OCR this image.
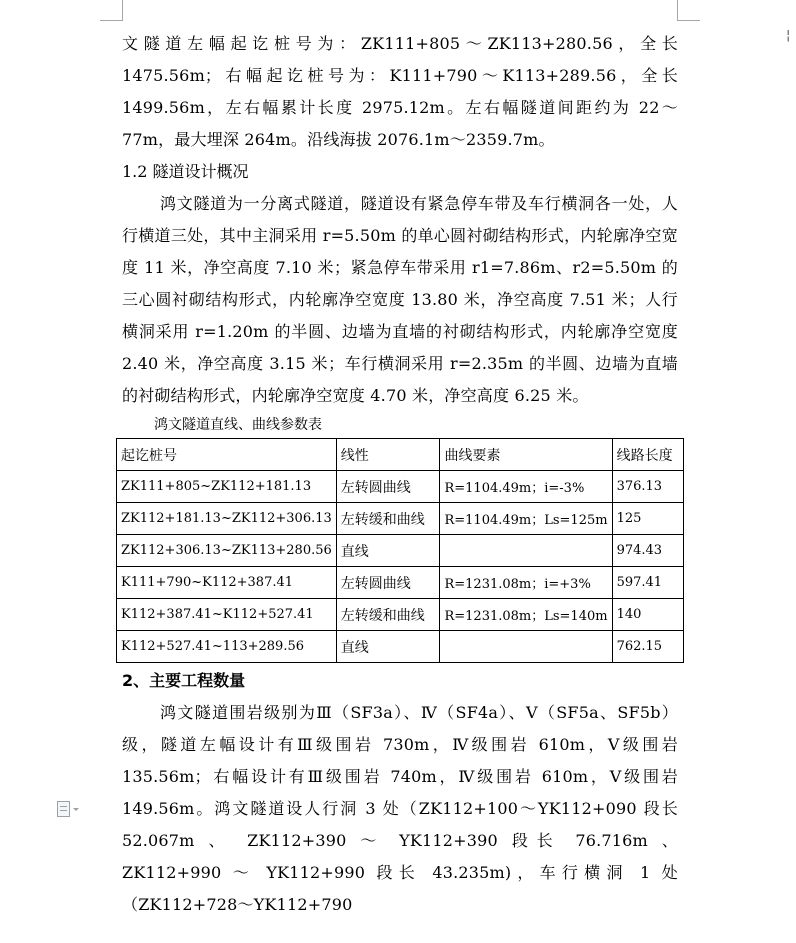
¦

文隧道左幅起讫桩号为：ZK111+805～ZK113+280.56，全长 1475.56m；右幅起讫桩号为：K111+790～K113+289.56，全长 1499.56m，左右幅累计长度 2975.12m。左右幅隧道间距约为 22～77m，最大埋深 264m。沿线海拔 2076.1m～2359.7m。

1.2 隧道设计概况

鸿文隧道为一分离式隧道，隧道设有紧急停车带及车行横洞各一处，人行横道三处，其中主洞采用 r=5.50m 的单心圆衬砌结构形式，内轮廓净空宽度 11 米，净空高度 7.10 米；紧急停车带采用 r1=7.86m、r2=5.50m 的三心圆衬砌结构形式，内轮廓净空宽度 13.80 米，净空高度 7.51 米；人行横洞采用 r=1.20m 的半圆、边墙为直墙的衬砌结构形式，内轮廓净空宽度 2.40 米，净空高度 3.15 米；车行横洞采用 r=2.35m 的半圆、边墙为直墙的衬砌结构形式，内轮廓净空宽度 4.70 米，净空高度 6.25 米。

鸿文隧道直线、曲线参数表
起讫桩号	线性	曲线要素	线路长度
ZK111+805~ZK112+181.13	左转圆曲线	R=1104.49m；i=-3%	376.13
ZK112+181.13~ZK112+306.13	左转缓和曲线	R=1104.49m；Ls=125m	125
ZK112+306.13~ZK113+280.56	直线		974.43
K111+790~K112+387.41	左转圆曲线	R=1231.08m；i=+3%	597.41
K112+387.41~K112+527.41	左转缓和曲线	R=1231.08m；Ls=140m	140
K112+527.41~113+289.56	直线		762.15

2、主要工程数量

鸿文隧道围岩级别为Ⅲ（SF3a）、Ⅳ（SF4a）、Ⅴ（SF5a、SF5b）级，隧道左幅设计有Ⅲ级围岩 730m，Ⅳ级围岩 610m，Ⅴ级围岩 135.56m；右幅设计有Ⅲ级围岩 740m，Ⅳ级围岩 610m，Ⅴ级围岩 149.56m。鸿文隧道设人行洞 3 处（ZK112+100～YK112+090 段长 52.067m 、 ZK112+390 ～ YK112+390 段长 76.716m 、 ZK112+990 ～ YK112+990 段长 43.235m)，车行横洞 1 处（ZK112+728～YK112+790
